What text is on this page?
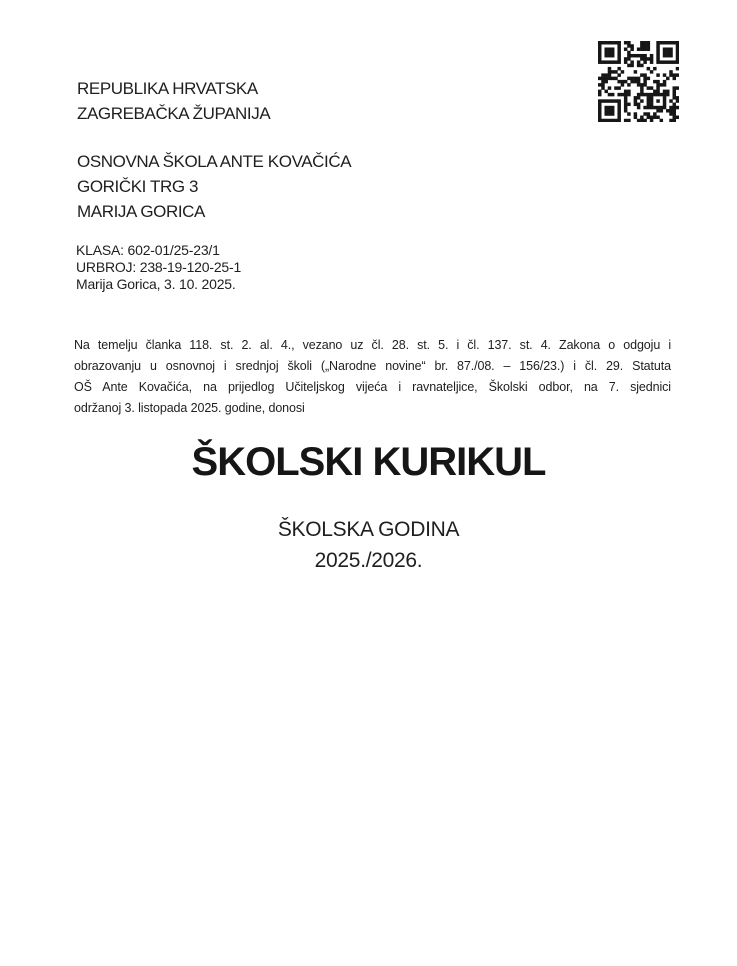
REPUBLIKA HRVATSKA
ZAGREBAČKA ŽUPANIJA
OSNOVNA ŠKOLA ANTE KOVAČIĆA
GORIČKI TRG 3
MARIJA GORICA
KLASA: 602-01/25-23/1
URBROJ: 238-19-120-25-1
Marija Gorica, 3. 10. 2025.
Na temelju članka 118. st. 2. al. 4., vezano uz čl. 28. st. 5. i čl. 137. st. 4. Zakona o odgoju i
obrazovanju u osnovnoj i srednjoj školi („Narodne novine“ br. 87./08. – 156/23.) i čl. 29. Statuta
OŠ Ante Kovačića, na prijedlog Učiteljskog vijeća i ravnateljice, Školski odbor, na 7. sjednici
održanoj 3. listopada 2025. godine, donosi
ŠKOLSKI KURIKUL
ŠKOLSKA GODINA
2025./2026.
